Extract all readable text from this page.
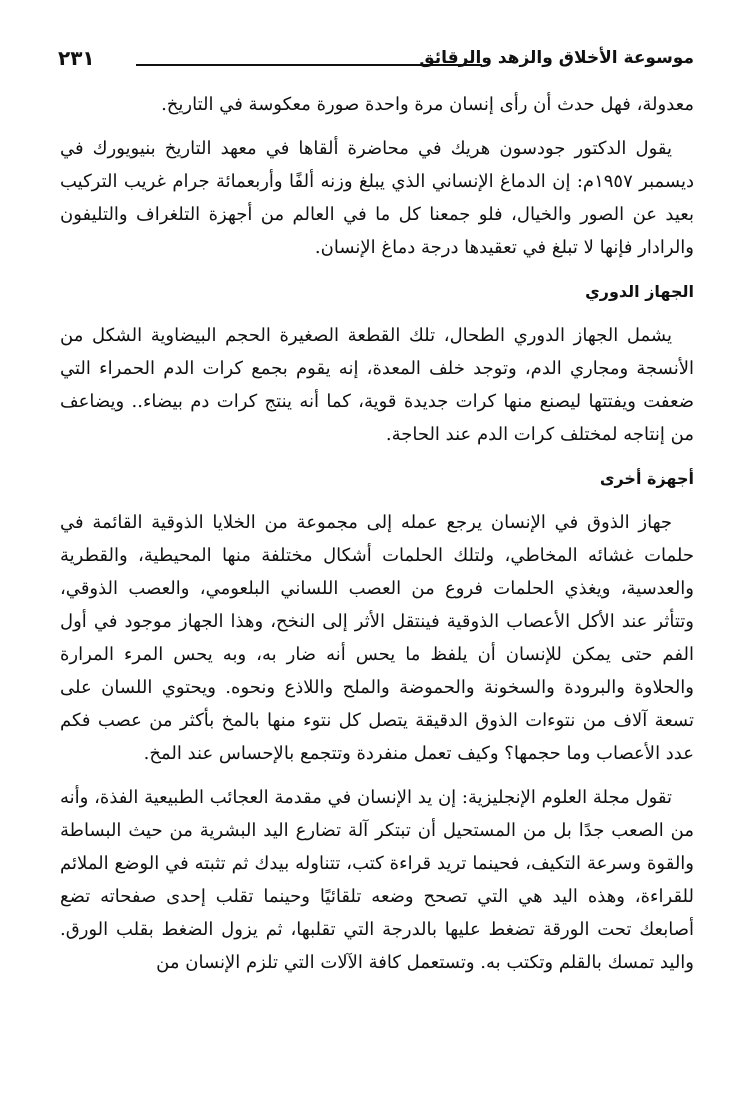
موسوعة الأخلاق والزهد والرقائق
٢٣١

معدولة، فهل حدث أن رأى إنسان مرة واحدة صورة معكوسة في التاريخ.

يقول الدكتور جودسون هريك في محاضرة ألقاها في معهد التاريخ بنيويورك في ديسمبر ١٩٥٧م: إن الدماغ الإنساني الذي يبلغ وزنه ألفًا وأربعمائة جرام غريب التركيب بعيد عن الصور والخيال، فلو جمعنا كل ما في العالم من أجهزة التلغراف والتليفون والرادار فإنها لا تبلغ في تعقيدها درجة دماغ الإنسان.

الجهاز الدوري

يشمل الجهاز الدوري الطحال، تلك القطعة الصغيرة الحجم البيضاوية الشكل من الأنسجة ومجاري الدم، وتوجد خلف المعدة، إنه يقوم بجمع كرات الدم الحمراء التي ضعفت ويفتتها ليصنع منها كرات جديدة قوية، كما أنه ينتج كرات دم بيضاء.. ويضاعف من إنتاجه لمختلف كرات الدم عند الحاجة.

أجهزة أخرى

جهاز الذوق في الإنسان يرجع عمله إلى مجموعة من الخلايا الذوقية القائمة في حلمات غشائه المخاطي، ولتلك الحلمات أشكال مختلفة منها المحيطية، والقطرية والعدسية، ويغذي الحلمات فروع من العصب اللساني البلعومي، والعصب الذوقي، وتتأثر عند الأكل الأعصاب الذوقية فينتقل الأثر إلى النخح، وهذا الجهاز موجود في أول الفم حتى يمكن للإنسان أن يلفظ ما يحس أنه ضار به، وبه يحس المرء المرارة والحلاوة والبرودة والسخونة والحموضة والملح واللاذع ونحوه. ويحتوي اللسان على تسعة آلاف من نتوءات الذوق الدقيقة يتصل كل نتوء منها بالمخ بأكثر من عصب فكم عدد الأعصاب وما حجمها؟ وكيف تعمل منفردة وتتجمع بالإحساس عند المخ.

تقول مجلة العلوم الإنجليزية: إن يد الإنسان في مقدمة العجائب الطبيعية الفذة، وأنه من الصعب جدًا بل من المستحيل أن تبتكر آلة تضارع اليد البشرية من حيث البساطة والقوة وسرعة التكيف، فحينما تريد قراءة كتب، تتناوله بيدك ثم تثبته في الوضع الملائم للقراءة، وهذه اليد هي التي تصحح وضعه تلقائيًا وحينما تقلب إحدى صفحاته تضع أصابعك تحت الورقة تضغط عليها بالدرجة التي تقلبها، ثم يزول الضغط بقلب الورق. واليد تمسك بالقلم وتكتب به. وتستعمل كافة الآلات التي تلزم الإنسان من
